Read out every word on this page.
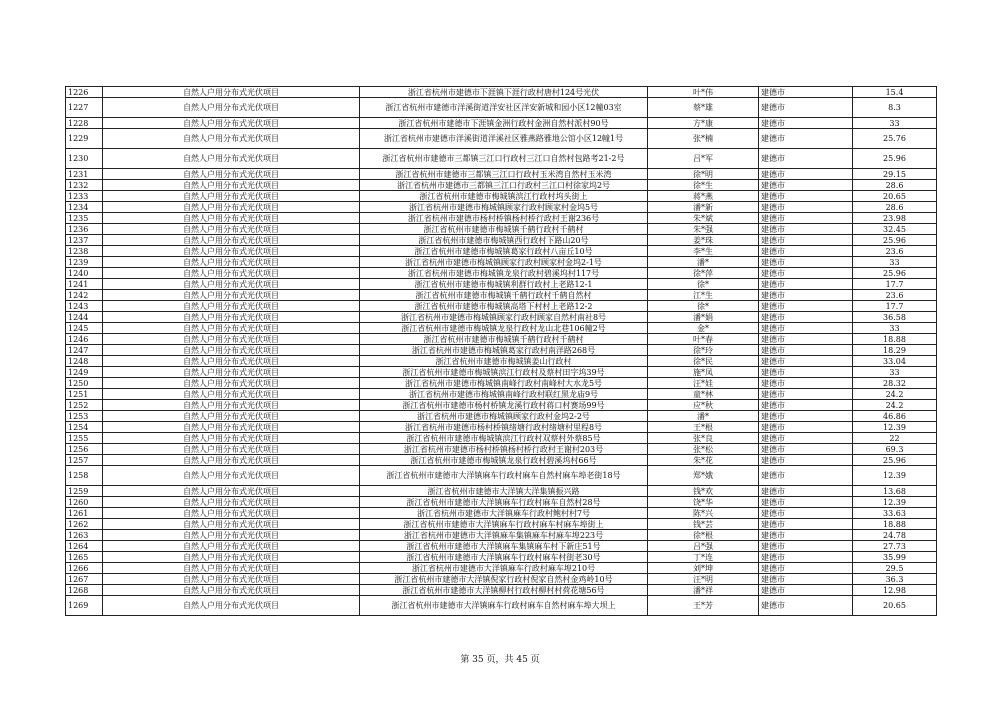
1226	自然人户用分布式光伏项目	浙江省杭州市建德市下涯镇下涯行政村唐村124号光伏	叶*伟	建德市	15.4
1227	自然人户用分布式光伏项目	浙江省杭州市建德市洋溪街道洋安社区洋安新城和园小区12幢03室	蔡*雄	建德市	8.3
1228	自然人户用分布式光伏项目	浙江省杭州市建德市下涯镇金洲行政村金洲自然村派村90号	方*康	建德市	33
1229	自然人户用分布式光伏项目	浙江省杭州市建德市洋溪街道洋溪社区雅燕路雅地公馆小区12幢1号	张*楠	建德市	25.76
1230	自然人户用分布式光伏项目	浙江省杭州市建德市三都镇三江口行政村三江口自然村包路考21-2号	吕*军	建德市	25.96
1231	自然人户用分布式光伏项目	浙江省杭州市建德市三都镇三江口行政村玉米湾自然村玉米湾	徐*明	建德市	29.15
1232	自然人户用分布式光伏项目	浙江省杭州市建德市三都镇三江口行政村三江口村徐家坞2号	徐*生	建德市	28.6
1233	自然人户用分布式光伏项目	浙江省杭州市建德市梅城镇滨江行政村坞头街上	蒋*燕	建德市	20.65
1234	自然人户用分布式光伏项目	浙江省杭州市建德市梅城镇顾家行政村顾家村金坞5号	潘*新	建德市	28.6
1235	自然人户用分布式光伏项目	浙江省杭州市建德市杨村桥镇杨村桥行政村王谢236号	朱*斌	建德市	23.98
1236	自然人户用分布式光伏项目	浙江省杭州市建德市梅城镇千鹤行政村千鹤村	朱*强	建德市	32.45
1237	自然人户用分布式光伏项目	浙江省杭州市建德市梅城镇西行政村下路山20号	姜*珠	建德市	25.96
1238	自然人户用分布式光伏项目	浙江省杭州市建德市梅城镇葛家行政村八亩丘10号	李*生	建德市	23.6
1239	自然人户用分布式光伏项目	浙江省杭州市建德市梅城镇顾家行政村顾家村金坞2-1号	潘*	建德市	33
1240	自然人户用分布式光伏项目	浙江省杭州市建德市梅城镇龙泉行政村碧溪坞村117号	徐*萍	建德市	25.96
1241	自然人户用分布式光伏项目	浙江省杭州市建德市梅城镇利群行政村上老路12-1	徐*	建德市	17.7
1242	自然人户用分布式光伏项目	浙江省杭州市建德市梅城镇千鹤行政村千鹤自然村	江*生	建德市	23.6
1243	自然人户用分布式光伏项目	浙江省杭州市建德市梅城镇高塔下村村上老路12-2	徐*	建德市	17.7
1244	自然人户用分布式光伏项目	浙江省杭州市建德市梅城镇顾家行政村顾家自然村南社8号	潘*娟	建德市	36.58
1245	自然人户用分布式光伏项目	浙江省杭州市建德市梅城镇龙泉行政村龙山北巷106幢2号	金*	建德市	33
1246	自然人户用分布式光伏项目	浙江省杭州市建德市梅城镇千鹤行政村千鹤村	叶*春	建德市	18.88
1247	自然人户用分布式光伏项目	浙江省杭州市建德市梅城镇葛家行政村南洋路268号	徐*玲	建德市	18.29
1248	自然人户用分布式光伏项目	浙江省杭州市建德市梅城镇姜山行政村	徐*民	建德市	33.04
1249	自然人户用分布式光伏项目	浙江省杭州市建德市梅城镇滨江行政村及蔡村田字坞39号	施*凤	建德市	33
1250	自然人户用分布式光伏项目	浙江省杭州市建德市梅城镇南峰行政村南峰村大水龙5号	汪*娃	建德市	28.32
1251	自然人户用分布式光伏项目	浙江省杭州市建德市梅城镇南峰行政村联红黑龙庙9号	童*林	建德市	24.2
1252	自然人户用分布式光伏项目	浙江省杭州市建德市杨村桥镇龙溪行政村蒋口村赛场99号	应*秋	建德市	24.2
1253	自然人户用分布式光伏项目	浙江省杭州市建德市梅城镇顾家行政村金坞2-2号	潘*	建德市	46.86
1254	自然人户用分布式光伏项目	浙江省杭州市建德市杨村桥镇绪塘行政村绪塘村里程8号	王*根	建德市	12.39
1255	自然人户用分布式光伏项目	浙江省杭州市建德市梅城镇滨江行政村双蔡村外蔡85号	张*良	建德市	22
1256	自然人户用分布式光伏项目	浙江省杭州市建德市杨村桥镇杨村桥行政村王谢村203号	张*松	建德市	69.3
1257	自然人户用分布式光伏项目	浙江省杭州市建德市梅城镇龙泉行政村碧溪坞村66号	朱*花	建德市	25.96
1258	自然人户用分布式光伏项目	浙江省杭州市建德市大洋镇麻车行政村麻车自然村麻车埠老街18号	郑*娥	建德市	12.39
1259	自然人户用分布式光伏项目	浙江省杭州市建德市大洋镇大洋集镇振兴路	钱*欢	建德市	13.68
1260	自然人户用分布式光伏项目	浙江省杭州市建德市大洋镇麻车行政村麻车自然村28号	饶*华	建德市	12.39
1261	自然人户用分布式光伏项目	浙江省杭州市建德市大洋镇麻车行政村鲍村村7号	陈*兴	建德市	33.63
1262	自然人户用分布式光伏项目	浙江省杭州市建德市大洋镇麻车行政村麻车村麻车埠街上	钱*芸	建德市	18.88
1263	自然人户用分布式光伏项目	浙江省杭州市建德市大洋镇麻车集镇麻车村麻车埠223号	徐*根	建德市	24.78
1264	自然人户用分布式光伏项目	浙江省杭州市建德市大洋镇麻车集镇麻车村下新庄51号	吕*强	建德市	27.73
1265	自然人户用分布式光伏项目	浙江省杭州市建德市大洋镇麻车行政村麻车村街老30号	丁*连	建德市	35.99
1266	自然人户用分布式光伏项目	浙江省杭州市建德市大洋镇麻车行政村麻车埠210号	刘*坤	建德市	29.5
1267	自然人户用分布式光伏项目	浙江省杭州市建德市大洋镇倪家行政村倪家自然村金鸡岭10号	汪*明	建德市	36.3
1268	自然人户用分布式光伏项目	浙江省杭州市建德市大洋镇柳村行政村柳村村荷花塘56号	潘*祥	建德市	12.98
1269	自然人户用分布式光伏项目	浙江省杭州市建德市大洋镇麻车行政村麻车自然村麻车埠大坝上	王*芳	建德市	20.65
第 35 页，共 45 页
